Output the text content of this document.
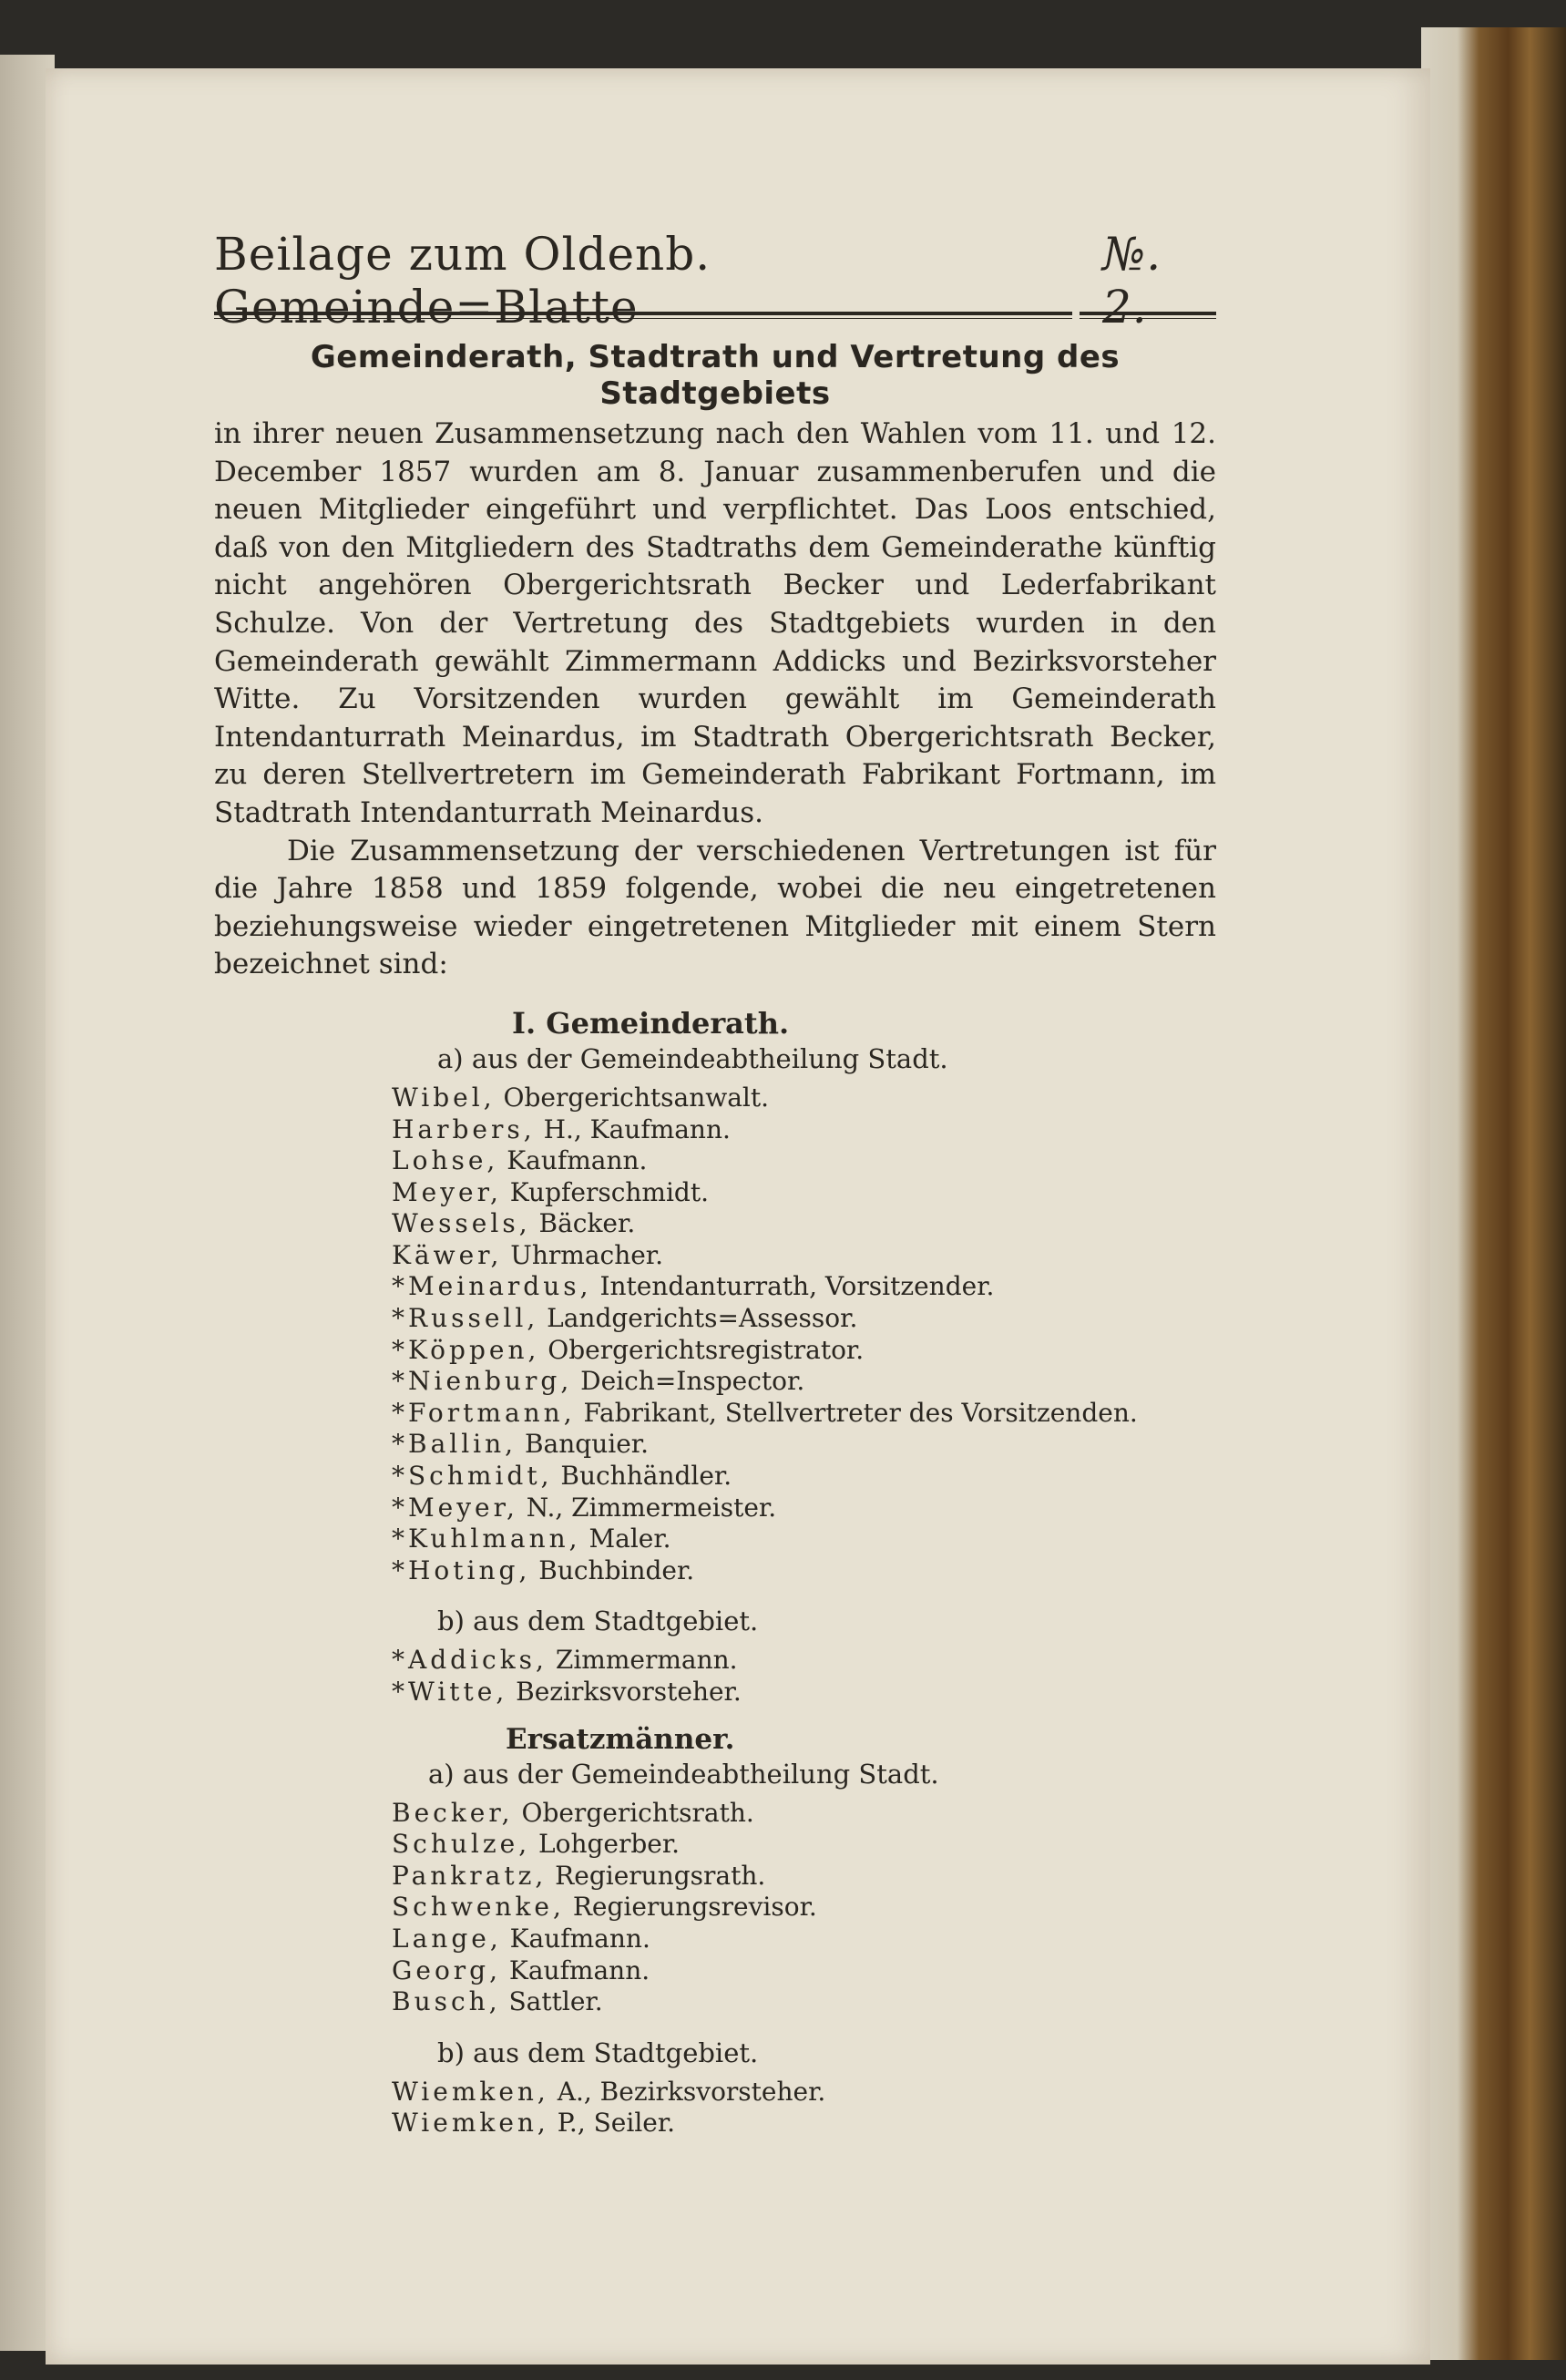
Beilage zum Oldenb. Gemeinde=Blatte
№. 2.
Gemeinderath, Stadtrath und Vertretung des Stadtgebiets

in ihrer neuen Zusammensetzung nach den Wahlen vom 11. und 12. December 1857 wurden am 8. Januar zusammenberufen und die neuen Mitglieder eingeführt und verpflichtet. Das Loos entschied, daß von den Mitgliedern des Stadtraths dem Gemeinderathe künftig nicht angehören Obergerichtsrath Becker und Lederfabrikant Schulze. Von der Vertretung des Stadtgebiets wurden in den Gemeinderath gewählt Zimmermann Addicks und Bezirksvorsteher Witte. Zu Vorsitzenden wurden gewählt im Gemeinderath Intendanturrath Meinardus, im Stadtrath Obergerichtsrath Becker, zu deren Stellvertretern im Gemeinderath Fabrikant Fortmann, im Stadtrath Intendanturrath Meinardus.

Die Zusammensetzung der verschiedenen Vertretungen ist für die Jahre 1858 und 1859 folgende, wobei die neu eingetretenen beziehungsweise wieder eingetretenen Mitglieder mit einem Stern bezeichnet sind:

I. Gemeinderath.
a) aus der Gemeindeabtheilung Stadt.
Wibel, Obergerichtsanwalt.
Harbers, H., Kaufmann.
Lohse, Kaufmann.
Meyer, Kupferschmidt.
Wessels, Bäcker.
Käwer, Uhrmacher.
*Meinardus, Intendanturrath, Vorsitzender.
*Russell, Landgerichts=Assessor.
*Köppen, Obergerichtsregistrator.
*Nienburg, Deich=Inspector.
*Fortmann, Fabrikant, Stellvertreter des Vorsitzenden.
*Ballin, Banquier.
*Schmidt, Buchhändler.
*Meyer, N., Zimmermeister.
*Kuhlmann, Maler.
*Hoting, Buchbinder.
b) aus dem Stadtgebiet.
*Addicks, Zimmermann.
*Witte, Bezirksvorsteher.
Ersatzmänner.
a) aus der Gemeindeabtheilung Stadt.
Becker, Obergerichtsrath.
Schulze, Lohgerber.
Pankratz, Regierungsrath.
Schwenke, Regierungsrevisor.
Lange, Kaufmann.
Georg, Kaufmann.
Busch, Sattler.
b) aus dem Stadtgebiet.
Wiemken, A., Bezirksvorsteher.
Wiemken, P., Seiler.
